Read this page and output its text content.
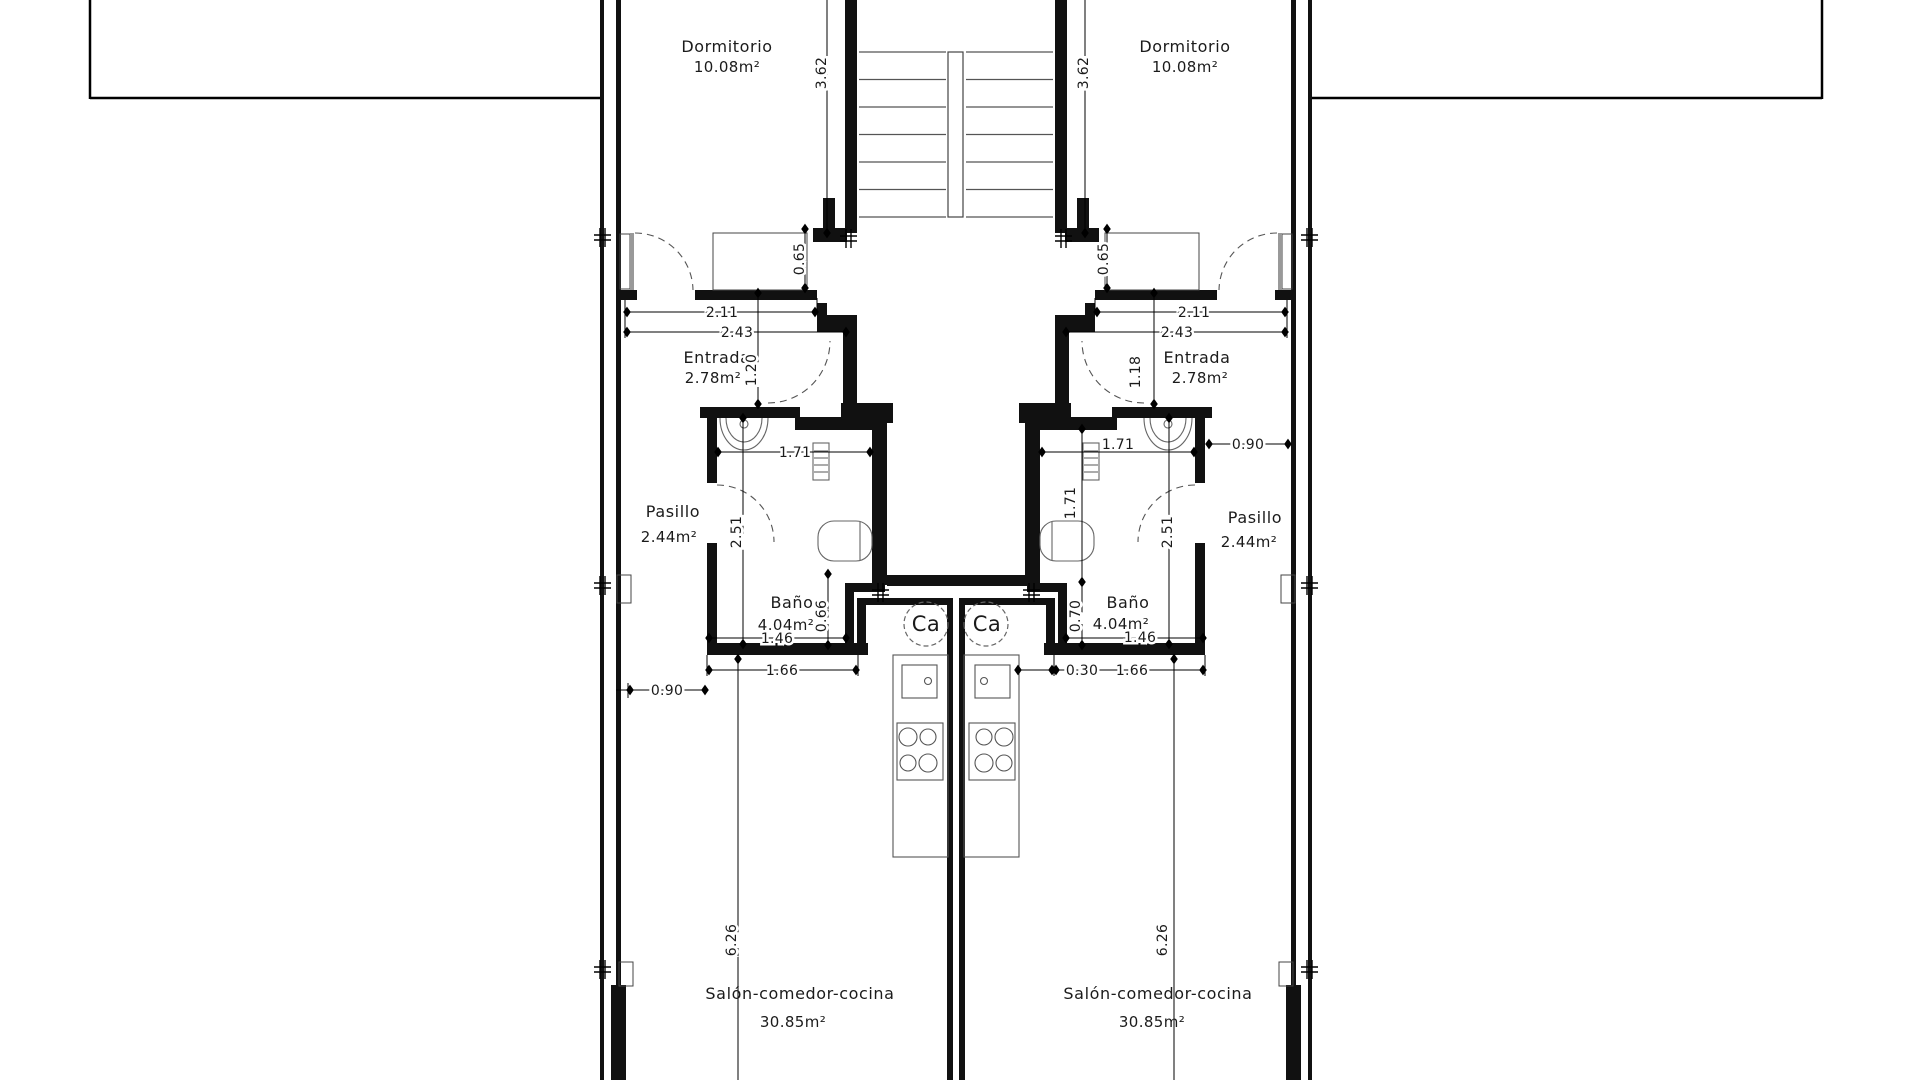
Dormitorio
10.08m²
Entrada
2.78m²
Pasillo
2.44m²
Baño
4.04m²
Salón-comedor-cocina
30.85m²
Ca
Dormitorio
10.08m²
Entrada
2.78m²
Pasillo
2.44m²
Baño
4.04m²
Salón-comedor-cocina
30.85m²
Ca
3.62
0.65
2.11
2.43
1.20
1.71
2.51
0.66
1.46
1.66
0.90
6.26
3.62
0.65
2.11
2.43
1.18
1.71	0.90
1.71
2.51
0.70
1.46
0.30 1.66
6.26
